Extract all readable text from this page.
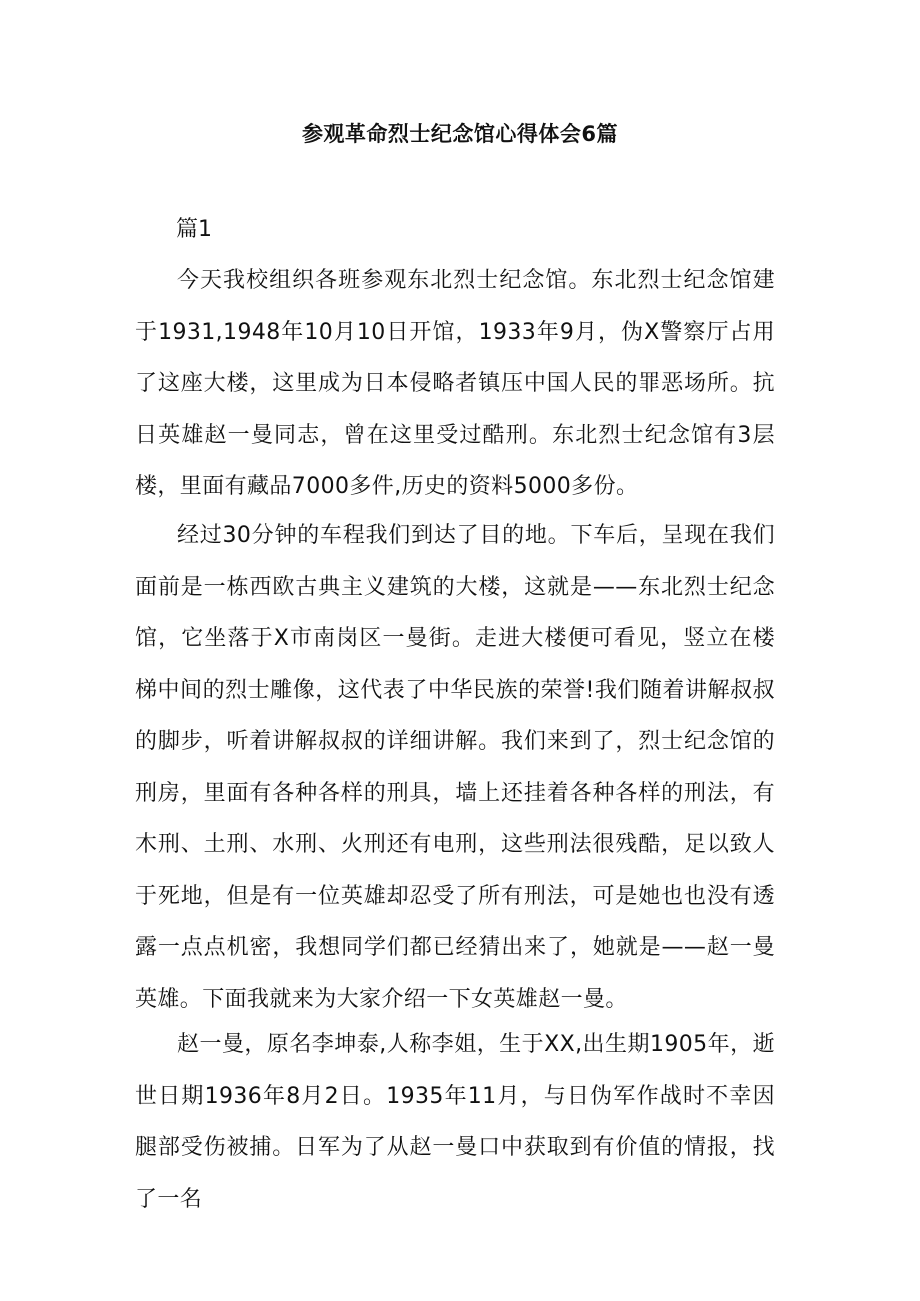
参观革命烈士纪念馆心得体会6篇
篇1

今天我校组织各班参观东北烈士纪念馆。东北烈士纪念馆建于1931,1948年10月10日开馆，1933年9月，伪X警察厅占用了这座大楼，这里成为日本侵略者镇压中国人民的罪恶场所。抗日英雄赵一曼同志，曾在这里受过酷刑。东北烈士纪念馆有3层楼，里面有藏品7000多件,历史的资料5000多份。

经过30分钟的车程我们到达了目的地。下车后，呈现在我们面前是一栋西欧古典主义建筑的大楼，这就是——东北烈士纪念馆，它坐落于X市南岗区一曼街。走进大楼便可看见，竖立在楼梯中间的烈士雕像，这代表了中华民族的荣誉!我们随着讲解叔叔的脚步，听着讲解叔叔的详细讲解。我们来到了，烈士纪念馆的刑房，里面有各种各样的刑具，墙上还挂着各种各样的刑法，有木刑、土刑、水刑、火刑还有电刑，这些刑法很残酷，足以致人于死地，但是有一位英雄却忍受了所有刑法，可是她也也没有透露一点点机密，我想同学们都已经猜出来了，她就是——赵一曼英雄。下面我就来为大家介绍一下女英雄赵一曼。

赵一曼，原名李坤泰,人称李姐，生于XX,出生期1905年，逝世日期1936年8月2日。1935年11月，与日伪军作战时不幸因腿部受伤被捕。日军为了从赵一曼口中获取到有价值的情报，找了一名
